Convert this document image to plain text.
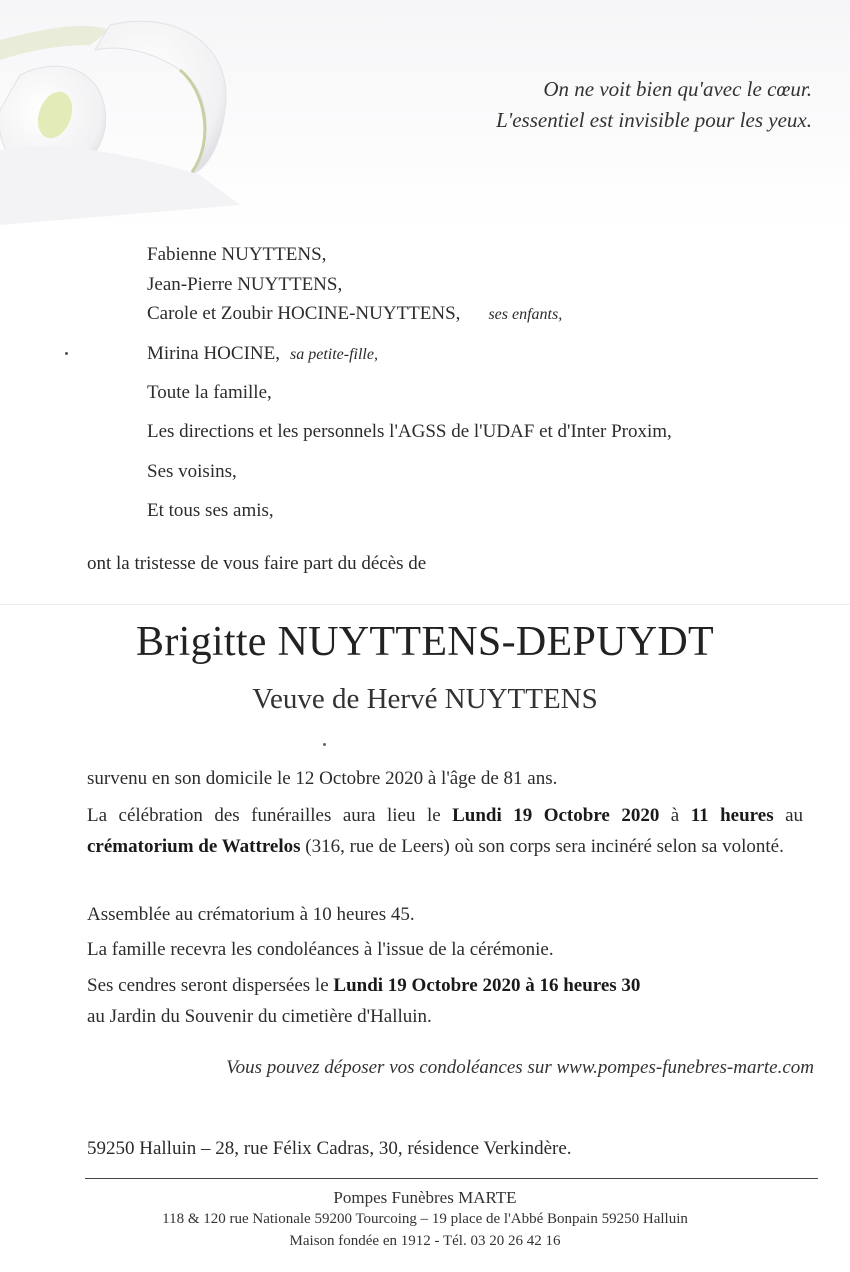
On ne voit bien qu'avec le cœur.
L'essentiel est invisible pour les yeux.
Fabienne NUYTTENS,
Jean-Pierre NUYTTENS,
Carole et Zoubir HOCINE-NUYTTENS, ses enfants,
Mirina HOCINE, sa petite-fille,
Toute la famille,
Les directions et les personnels l'AGSS de l'UDAF et d'Inter Proxim,
Ses voisins,
Et tous ses amis,
ont la tristesse de vous faire part du décès de
Brigitte NUYTTENS-DEPUYDT
Veuve de Hervé NUYTTENS
survenu en son domicile le 12 Octobre 2020 à l'âge de 81 ans.
La célébration des funérailles aura lieu le Lundi 19 Octobre 2020 à 11 heures au crématorium de Wattrelos (316, rue de Leers) où son corps sera incinéré selon sa volonté.
Assemblée au crématorium à 10 heures 45.
La famille recevra les condoléances à l'issue de la cérémonie.
Ses cendres seront dispersées le Lundi 19 Octobre 2020 à 16 heures 30
au Jardin du Souvenir du cimetière d'Halluin.
Vous pouvez déposer vos condoléances sur www.pompes-funebres-marte.com
59250 Halluin – 28, rue Félix Cadras, 30, résidence Verkindère.
Pompes Funèbres MARTE
118 & 120 rue Nationale 59200 Tourcoing – 19 place de l'Abbé Bonpain 59250 Halluin
Maison fondée en 1912 - Tél. 03 20 26 42 16
